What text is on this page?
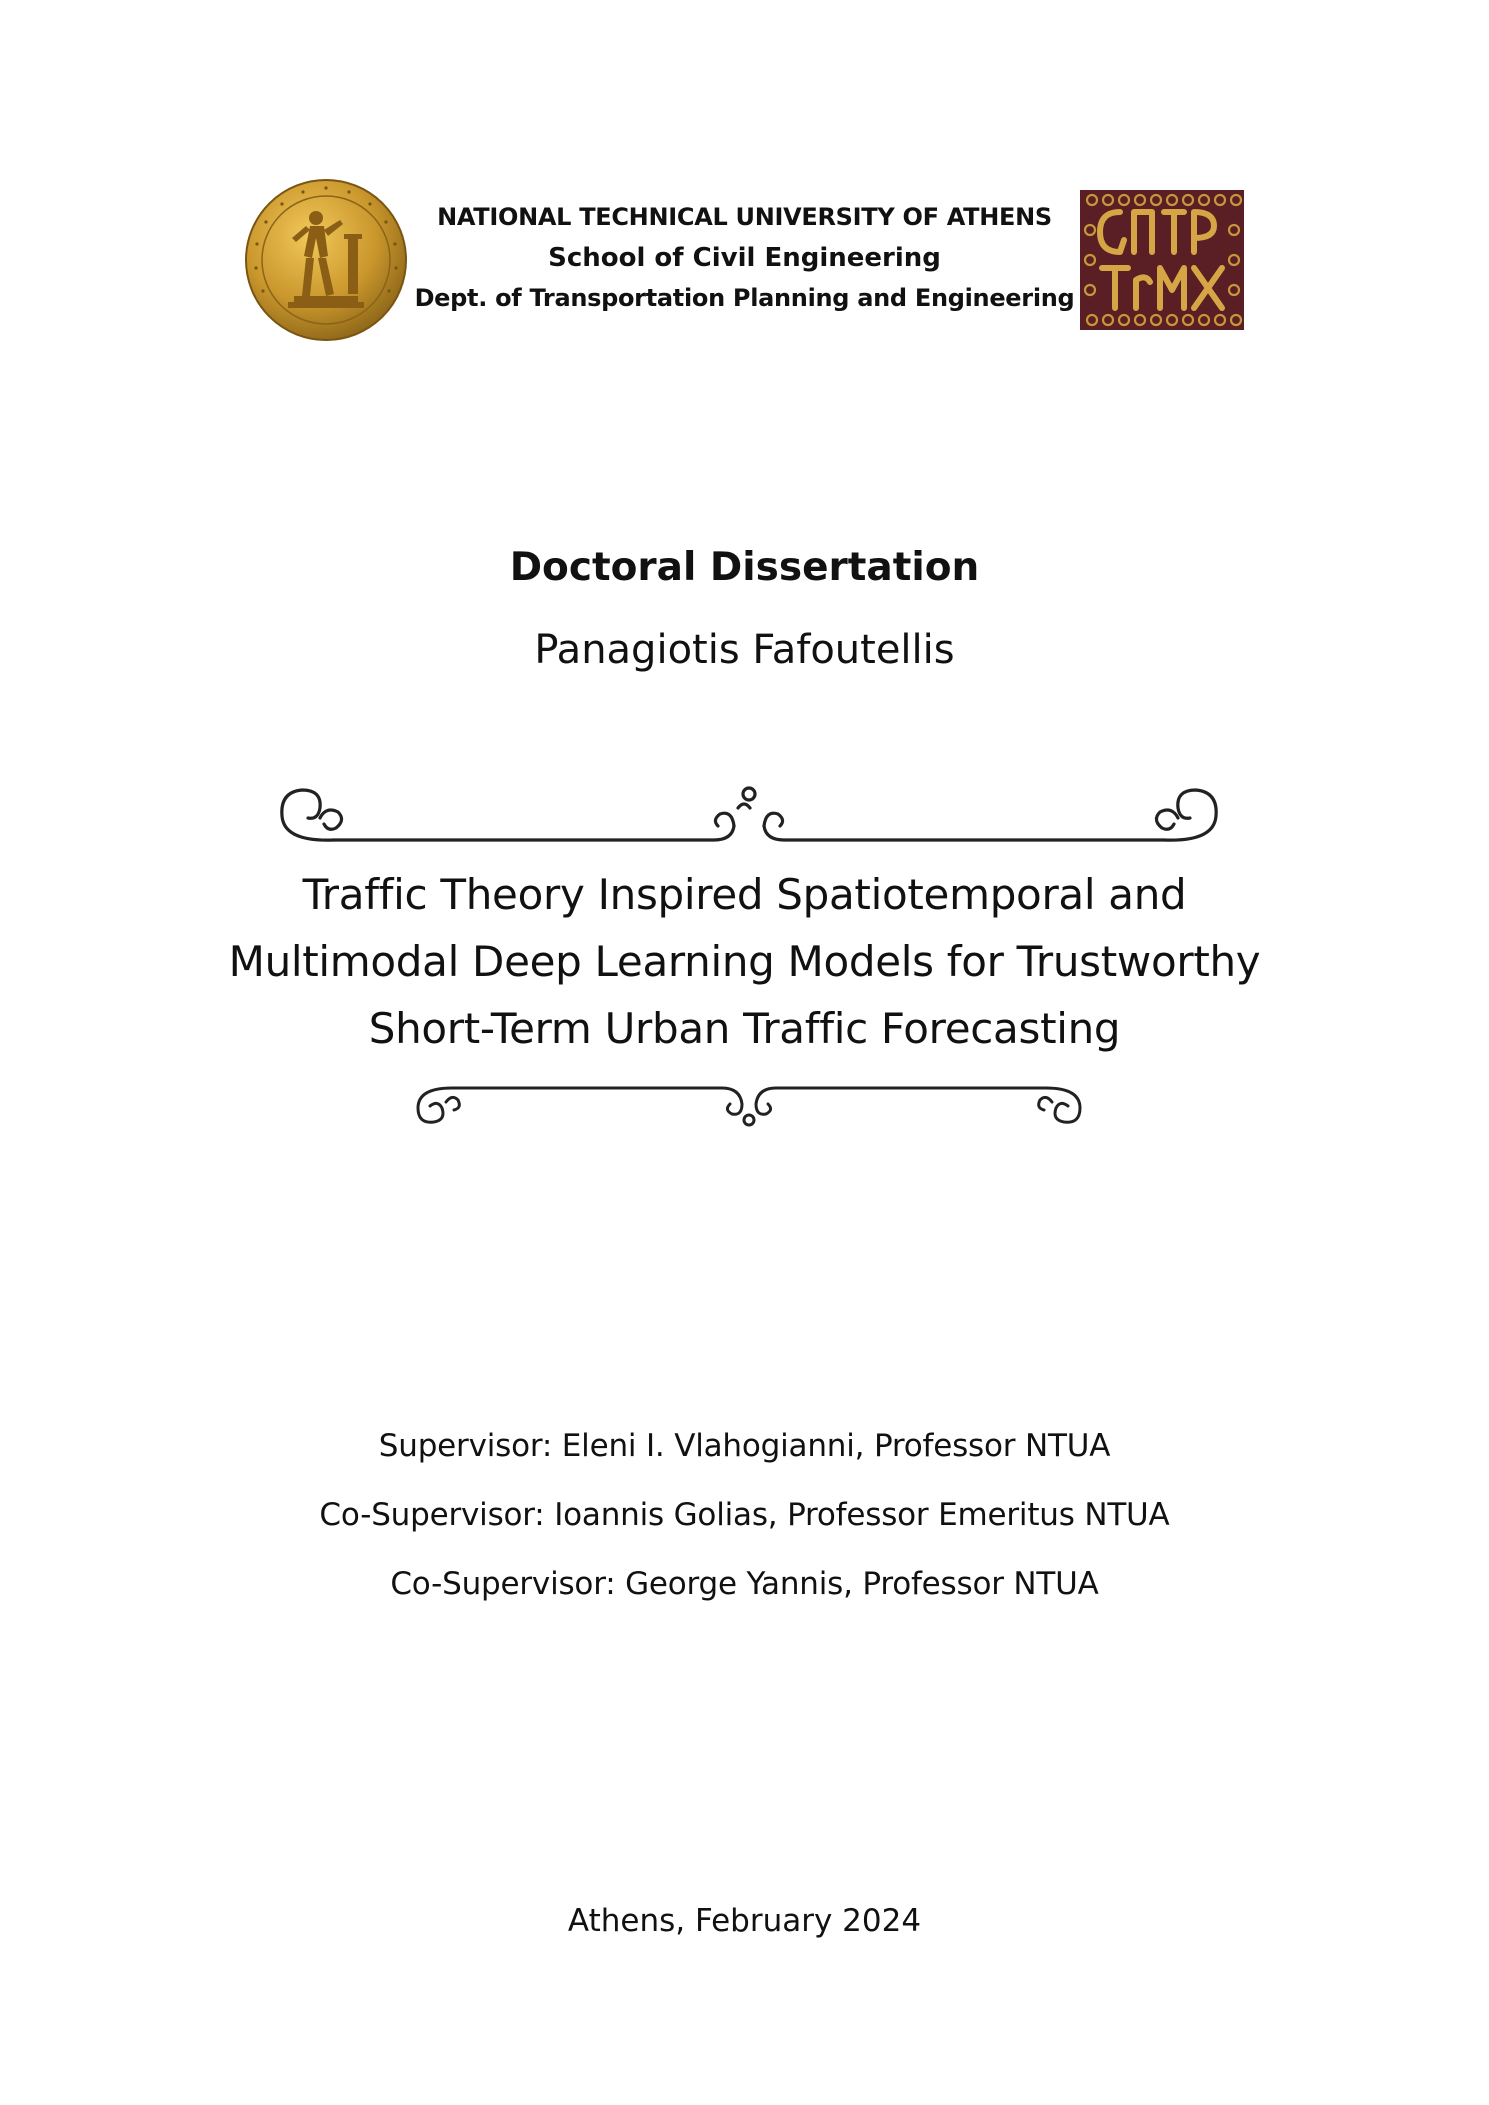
NATIONAL TECHNICAL UNIVERSITY OF ATHENS
School of Civil Engineering
Dept. of Transportation Planning and Engineering
Doctoral Dissertation
Panagiotis Fafoutellis
Traffic Theory Inspired Spatiotemporal and
Multimodal Deep Learning Models for Trustworthy
Short-Term Urban Traffic Forecasting
Supervisor: Eleni I. Vlahogianni, Professor NTUA
Co-Supervisor: Ioannis Golias, Professor Emeritus NTUA
Co-Supervisor: George Yannis, Professor NTUA
Athens, February 2024
